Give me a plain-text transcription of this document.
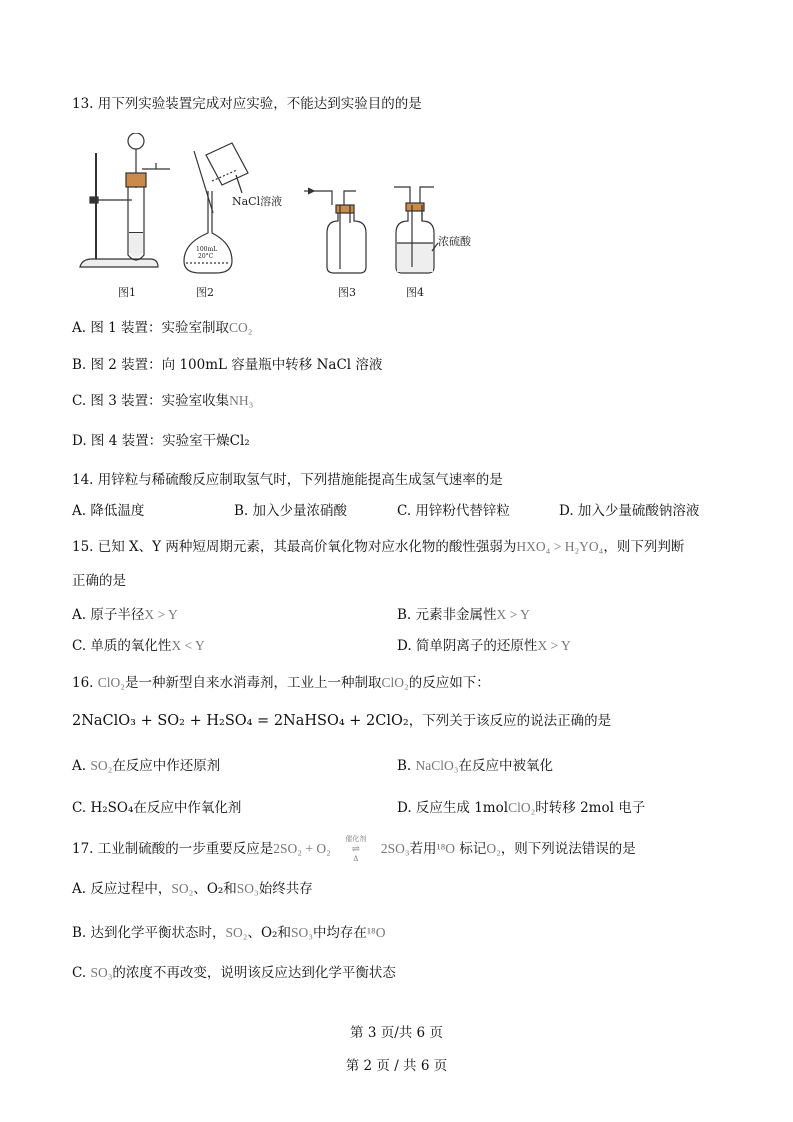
13. 用下列实验装置完成对应实验，不能达到实验目的的是
NaCl溶液
浓硫酸
100mL
20°C
图1	图2	图3	图4
A. 图 1 装置：实验室制取CO₂
B. 图 2 装置：向 100mL 容量瓶中转移 NaCl 溶液
C. 图 3 装置：实验室收集NH₃
D. 图 4 装置：实验室干燥Cl₂
14. 用锌粒与稀硫酸反应制取氢气时，下列措施能提高生成氢气速率的是
A. 降低温度	B. 加入少量浓硝酸	C. 用锌粉代替锌粒	D. 加入少量硫酸钠溶液
15. 已知 X、Y 两种短周期元素，其最高价氧化物对应水化物的酸性强弱为HXO₄ > H₂YO₄，则下列判断
正确的是
A. 原子半径X > Y	B. 元素非金属性X > Y
C. 单质的氧化性X < Y	D. 简单阴离子的还原性X > Y
16. ClO₂是一种新型自来水消毒剂，工业上一种制取ClO₂的反应如下：
2NaClO₃ + SO₂ + H₂SO₄ = 2NaHSO₄ + 2ClO₂，下列关于该反应的说法正确的是
A. SO₂在反应中作还原剂	B. NaClO₃在反应中被氧化
C. H₂SO₄在反应中作氧化剂	D. 反应生成 1molClO₂时转移 2mol 电子
17. 工业制硫酸的一步重要反应是2SO₂ + O₂
催化剂
⇌
Δ
2SO₃若用¹⁸O 标记O₂，则下列说法错误的是
A. 反应过程中，SO₂、O₂和SO₃始终共存
B. 达到化学平衡状态时，SO₂、O₂和SO₃中均存在¹⁸O
C. SO₃的浓度不再改变，说明该反应达到化学平衡状态
第 3 页/共 6 页
第 2 页 / 共 6 页
